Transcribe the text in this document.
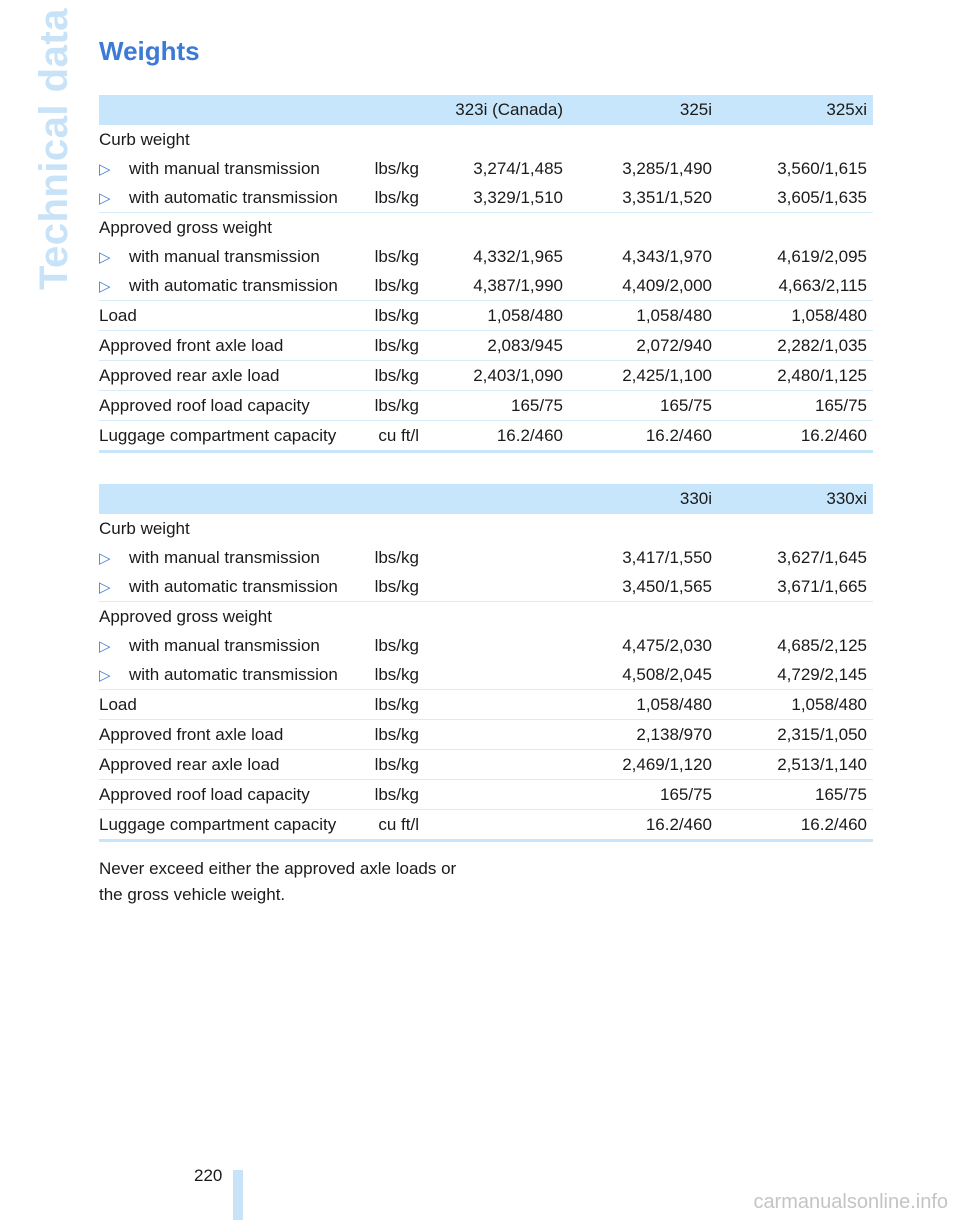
Technical data Weights
		323i (Canada)	325i	325xi
Curb weight				
▷ with manual transmission	lbs/kg	3,274/1,485	3,285/1,490	3,560/1,615
▷ with automatic transmission	lbs/kg	3,329/1,510	3,351/1,520	3,605/1,635
Approved gross weight				
▷ with manual transmission	lbs/kg	4,332/1,965	4,343/1,970	4,619/2,095
▷ with automatic transmission	lbs/kg	4,387/1,990	4,409/2,000	4,663/2,115
Load	lbs/kg	1,058/480	1,058/480	1,058/480
Approved front axle load	lbs/kg	2,083/945	2,072/940	2,282/1,035
Approved rear axle load	lbs/kg	2,403/1,090	2,425/1,100	2,480/1,125
Approved roof load capacity	lbs/kg	165/75	165/75	165/75
Luggage compartment capacity	cu ft/l	16.2/460	16.2/460	16.2/460
			330i	330xi
Curb weight				
▷ with manual transmission	lbs/kg		3,417/1,550	3,627/1,645
▷ with automatic transmission	lbs/kg		3,450/1,565	3,671/1,665
Approved gross weight				
▷ with manual transmission	lbs/kg		4,475/2,030	4,685/2,125
▷ with automatic transmission	lbs/kg		4,508/2,045	4,729/2,145
Load	lbs/kg		1,058/480	1,058/480
Approved front axle load	lbs/kg		2,138/970	2,315/1,050
Approved rear axle load	lbs/kg		2,469/1,120	2,513/1,140
Approved roof load capacity	lbs/kg		165/75	165/75
Luggage compartment capacity	cu ft/l		16.2/460	16.2/460

Never exceed either the approved axle loads or the gross vehicle weight.

220
carmanualsonline.info
